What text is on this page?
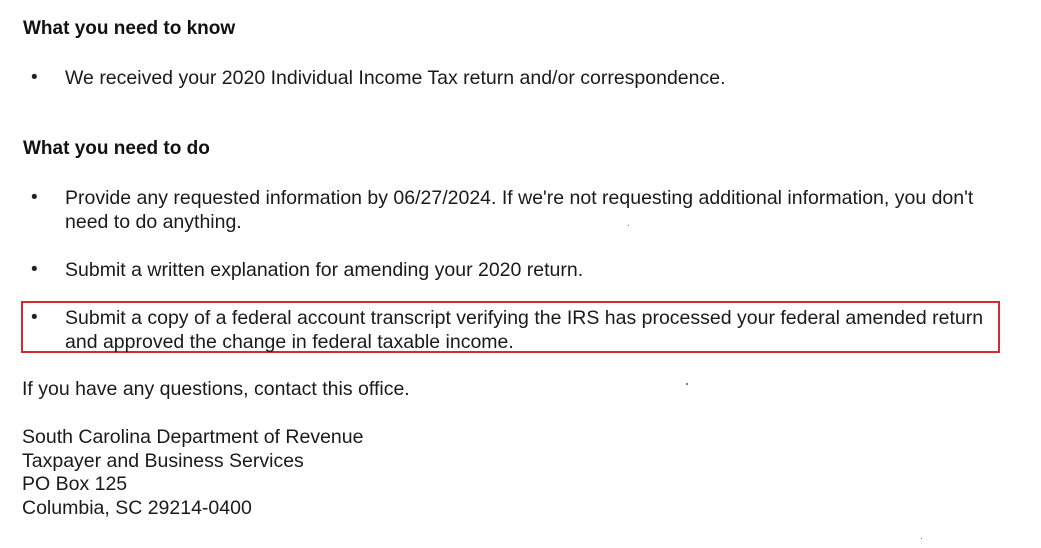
What you need to know
• We received your 2020 Individual Income Tax return and/or correspondence.
What you need to do
• Provide any requested information by 06/27/2024. If we're not requesting additional information, you don't need to do anything.
• Submit a written explanation for amending your 2020 return.
• Submit a copy of a federal account transcript verifying the IRS has processed your federal amended return and approved the change in federal taxable income.
If you have any questions, contact this office.
South Carolina Department of Revenue
Taxpayer and Business Services
PO Box 125
Columbia, SC 29214-0400
